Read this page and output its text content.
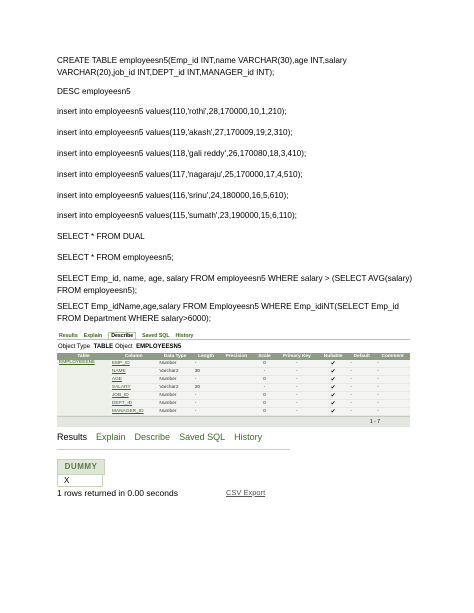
CREATE TABLE employeesn5(Emp_id INT,name VARCHAR(30),age INT,salary VARCHAR(20),job_id INT,DEPT_id INT,MANAGER_id INT);
DESC employeesn5
insert into employeesn5 values(110,'rothi',28,170000,10,1,210);
insert into employeesn5 values(119,'akash',27,170009,19,2,310);
insert into employeesn5 values(118,'gali reddy',26,170080,18,3,410);
insert into employeesn5 values(117,'nagaraju',25,170000,17,4,510);
insert into employeesn5 values(116,'srinu',24,180000,16,5,610);
insert into employeesn5 values(115,'sumath',23,190000,15,6,110);
SELECT * FROM DUAL
SELECT * FROM employeesn5;
SELECT Emp_id, name, age, salary FROM employeesn5 WHERE salary > (SELECT AVG(salary) FROM employeesn5);
SELECT Emp_idName,age,salary FROM Employeesn5 WHERE Emp_idiNT(SELECT Emp_id FROM Department WHERE salary>6000);
Results Explain	Describe	Saved SQL History
Object Type
TABLE Object
EMPLOYEESN5
Table	Column	Data Type	Length	Precision	Scale	Primary Key	Nullable	Default	Comment
EMPLOYEESN5	EMP_ID	Number	-		0	-	✔	-	-
	NAME	Varchar2	30		-	-	✔	-	-
	AGE	Number	-		0	-	✔	-	-
	SALARY	Varchar2	20		-	-	✔	-	-
	JOB_ID	Number	-		0	-	✔	-	-
	DEPT_ID	Number	-		0	-	✔	-	-
	MANAGER_ID	Number	-		0	-	✔	-	-
1 - 7
Results Explain Describe Saved SQL History
DUMMY
X
1 rows returned in 0.00 seconds	CSV Export
